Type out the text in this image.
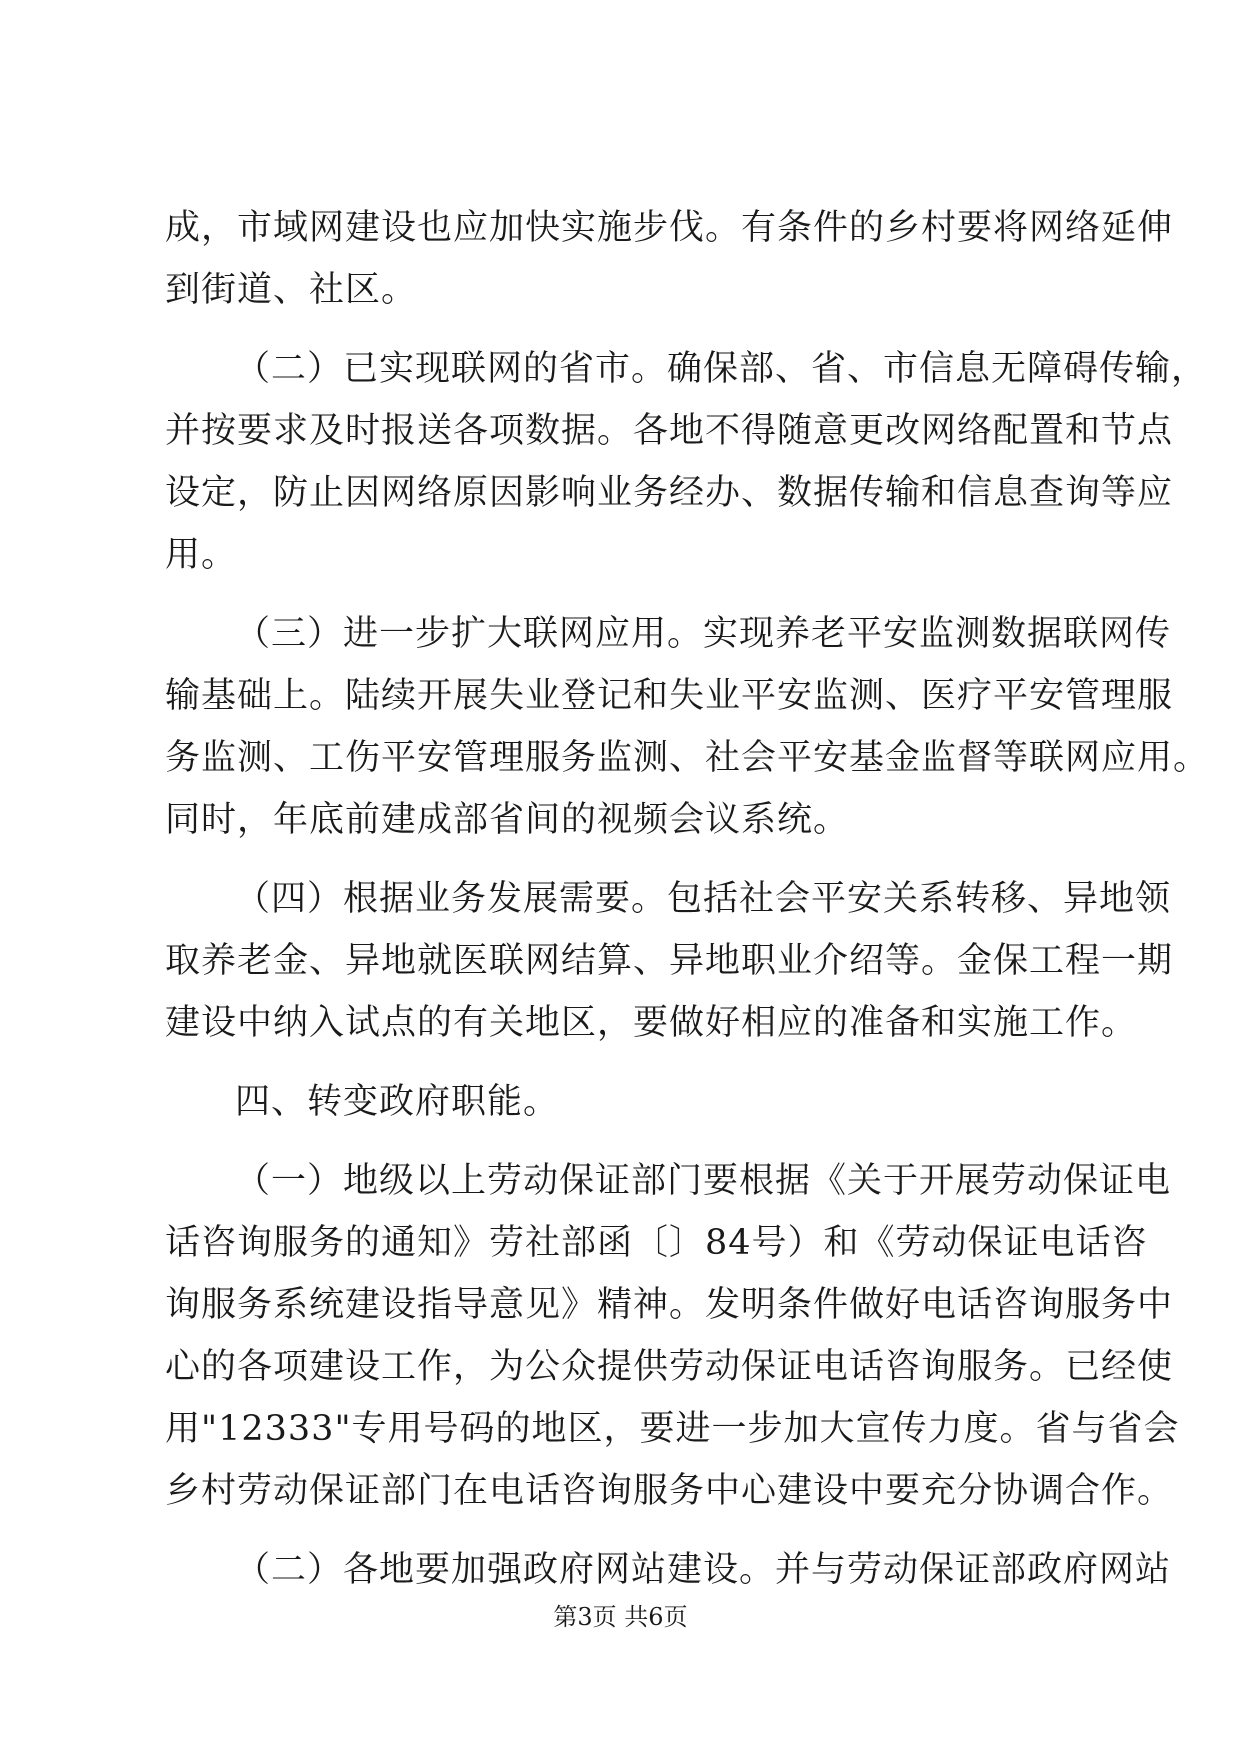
成，市域网建设也应加快实施步伐。有条件的乡村要将网络延伸
到街道、社区。
（二）已实现联网的省市。确保部、省、市信息无障碍传输，
并按要求及时报送各项数据。各地不得随意更改网络配置和节点
设定，防止因网络原因影响业务经办、数据传输和信息查询等应
用。
（三）进一步扩大联网应用。实现养老平安监测数据联网传
输基础上。陆续开展失业登记和失业平安监测、医疗平安管理服
务监测、工伤平安管理服务监测、社会平安基金监督等联网应用。
同时，年底前建成部省间的视频会议系统。
（四）根据业务发展需要。包括社会平安关系转移、异地领
取养老金、异地就医联网结算、异地职业介绍等。金保工程一期
建设中纳入试点的有关地区，要做好相应的准备和实施工作。
四、转变政府职能。
（一）地级以上劳动保证部门要根据《关于开展劳动保证电
话咨询服务的通知》劳社部函〔〕84号）和《劳动保证电话咨
询服务系统建设指导意见》精神。发明条件做好电话咨询服务中
心的各项建设工作，为公众提供劳动保证电话咨询服务。已经使
用"12333"专用号码的地区，要进一步加大宣传力度。省与省会
乡村劳动保证部门在电话咨询服务中心建设中要充分协调合作。
（二）各地要加强政府网站建设。并与劳动保证部政府网站
第3页 共6页
